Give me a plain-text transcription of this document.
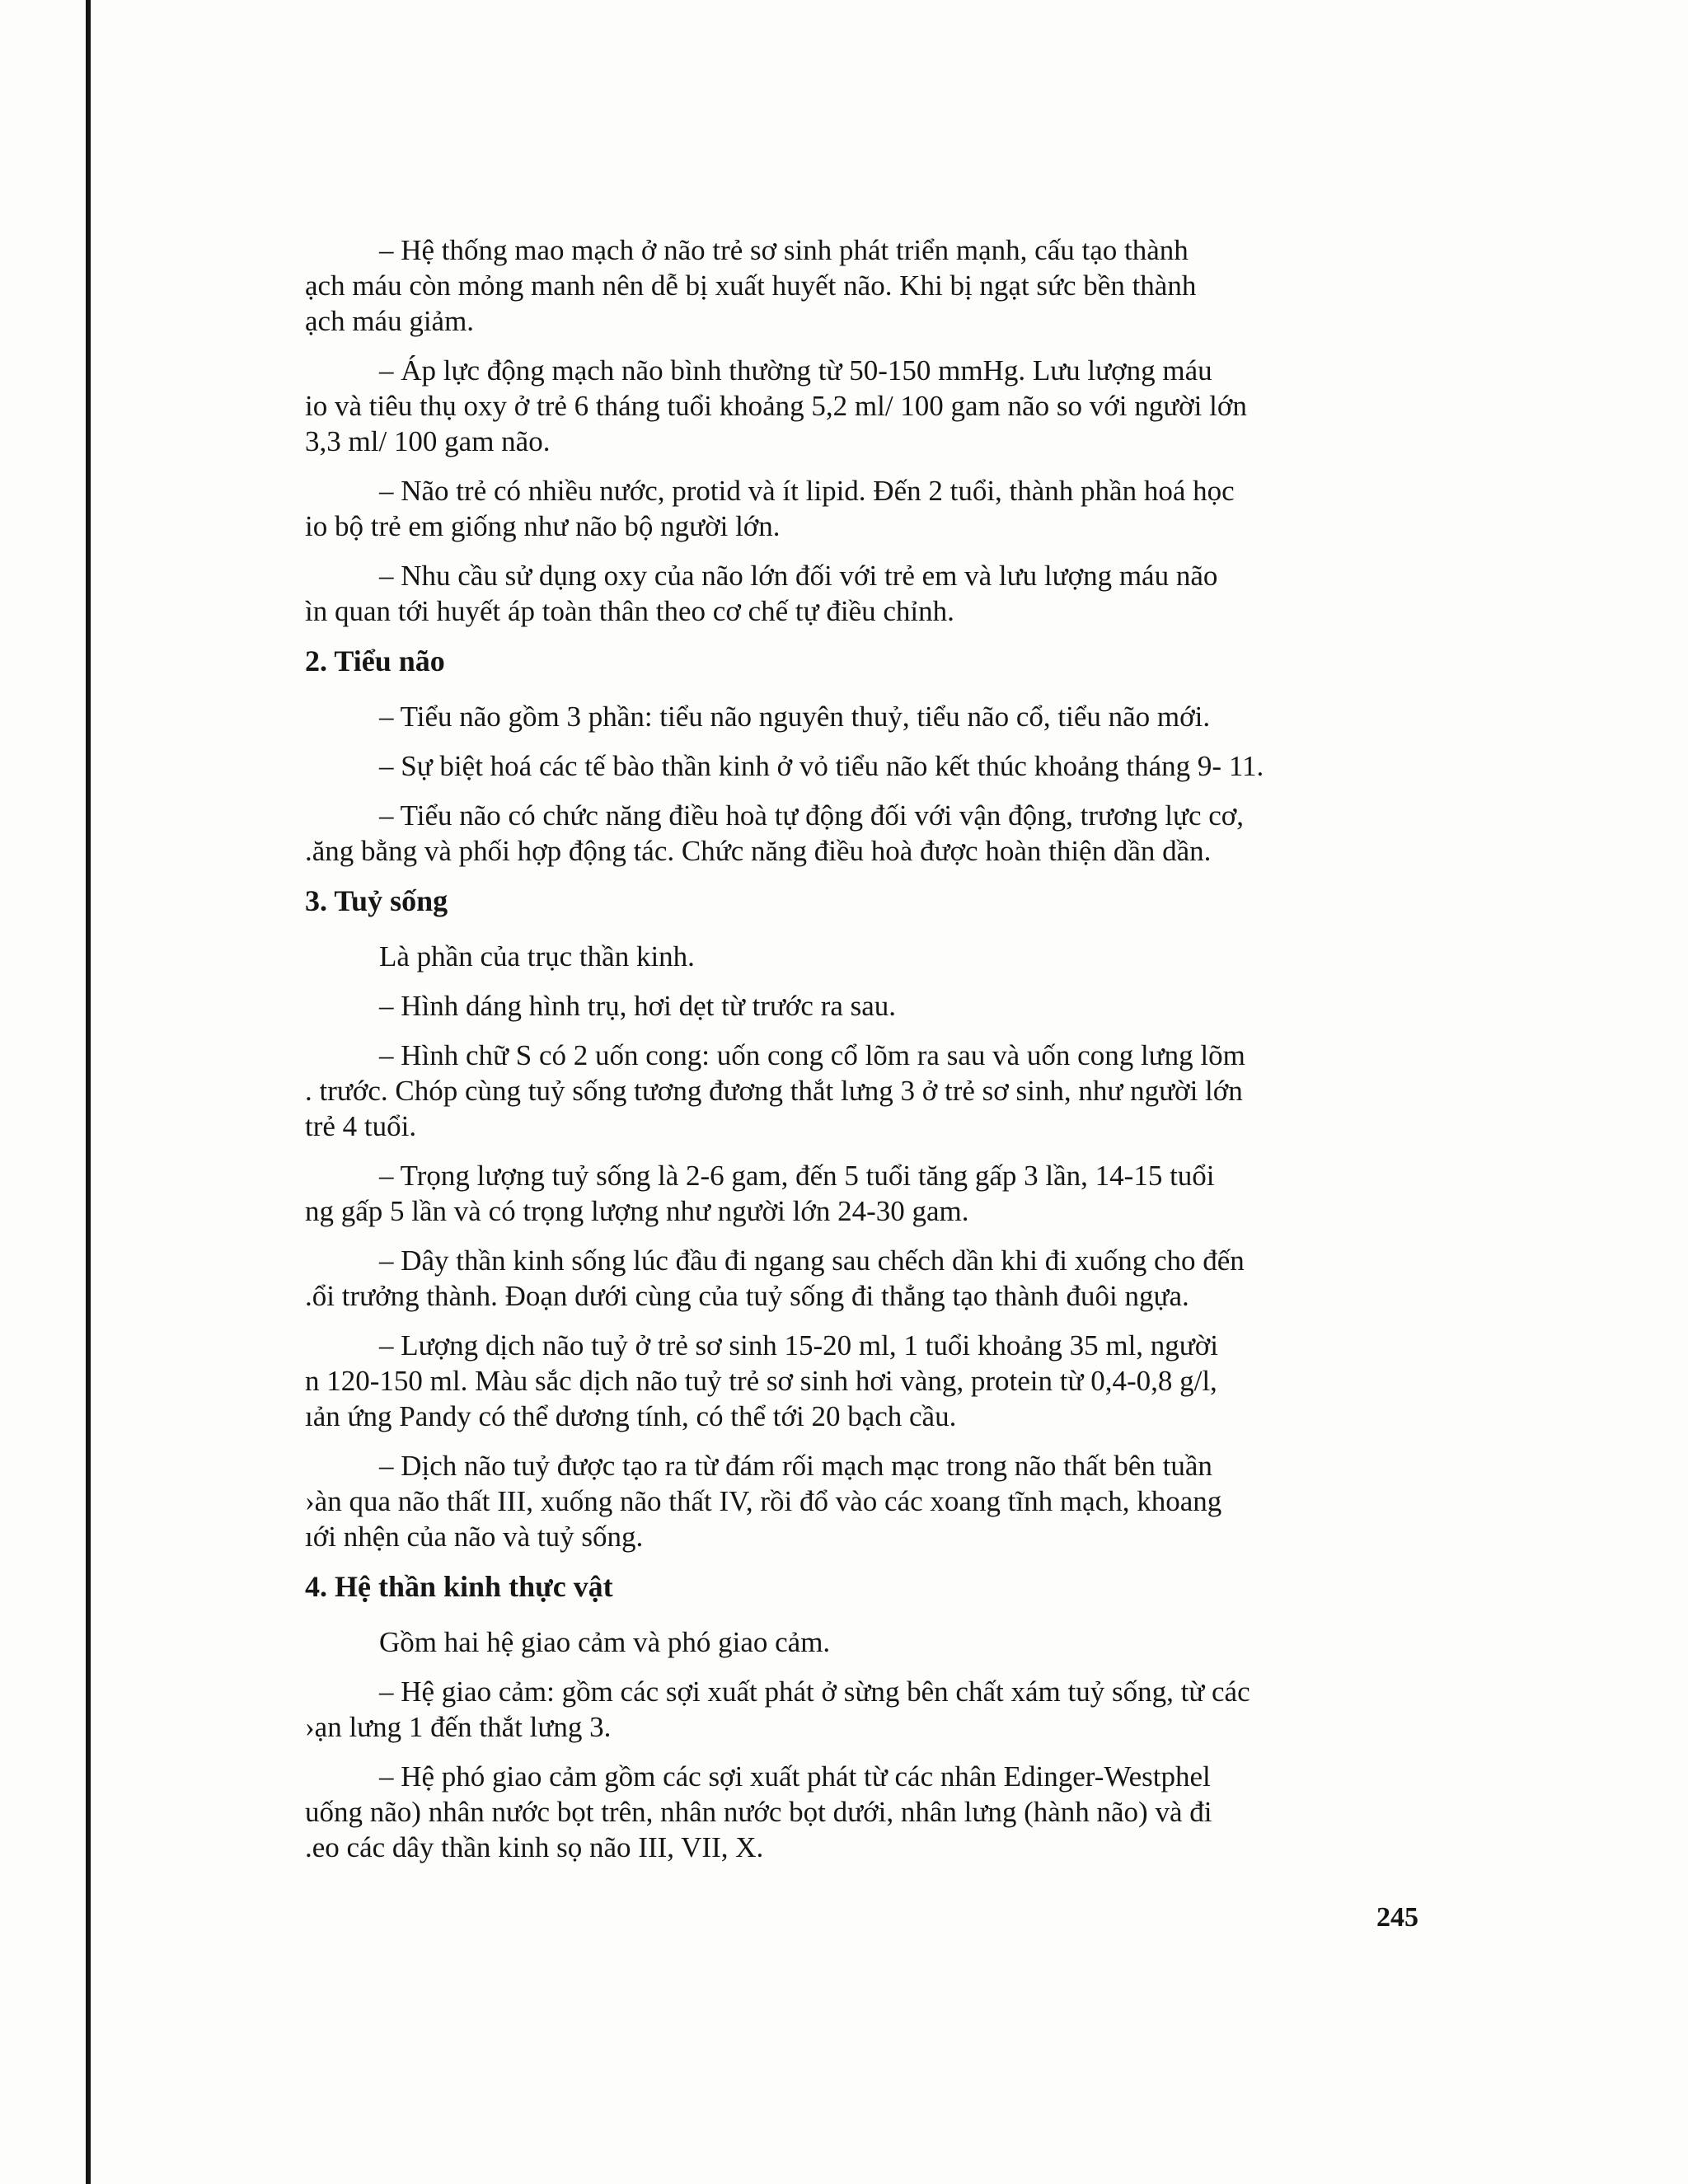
– Hệ thống mao mạch ở não trẻ sơ sinh phát triển mạnh, cấu tạo thành

ạch máu còn mỏng manh nên dễ bị xuất huyết não. Khi bị ngạt sức bền thành

ạch máu giảm.

– Áp lực động mạch não bình thường từ 50-150 mmHg. Lưu lượng máu

io và tiêu thụ oxy ở trẻ 6 tháng tuổi khoảng 5,2 ml/ 100 gam não so với người lớn

3,3 ml/ 100 gam não.

– Não trẻ có nhiều nước, protid và ít lipid. Đến 2 tuổi, thành phần hoá học

io bộ trẻ em giống như não bộ người lớn.

– Nhu cầu sử dụng oxy của não lớn đối với trẻ em và lưu lượng máu não

ìn quan tới huyết áp toàn thân theo cơ chế tự điều chỉnh.

2. Tiểu não

– Tiểu não gồm 3 phần: tiểu não nguyên thuỷ, tiểu não cổ, tiểu não mới.

– Sự biệt hoá các tế bào thần kinh ở vỏ tiểu não kết thúc khoảng tháng 9- 11.

– Tiểu não có chức năng điều hoà tự động đối với vận động, trương lực cơ,

.ăng bằng và phối hợp động tác. Chức năng điều hoà được hoàn thiện dần dần.

3. Tuỷ sống

Là phần của trục thần kinh.

– Hình dáng hình trụ, hơi dẹt từ trước ra sau.

– Hình chữ S có 2 uốn cong: uốn cong cổ lõm ra sau và uốn cong lưng lõm

. trước. Chóp cùng tuỷ sống tương đương thắt lưng 3 ở trẻ sơ sinh, như người lớn

trẻ 4 tuổi.

– Trọng lượng tuỷ sống là 2-6 gam, đến 5 tuổi tăng gấp 3 lần, 14-15 tuổi

ng gấp 5 lần và có trọng lượng như người lớn 24-30 gam.

– Dây thần kinh sống lúc đầu đi ngang sau chếch dần khi đi xuống cho đến

.ổi trưởng thành. Đoạn dưới cùng của tuỷ sống đi thẳng tạo thành đuôi ngựa.

– Lượng dịch não tuỷ ở trẻ sơ sinh 15-20 ml, 1 tuổi khoảng 35 ml, người

n 120-150 ml. Màu sắc dịch não tuỷ trẻ sơ sinh hơi vàng, protein từ 0,4-0,8 g/l,

ıản ứng Pandy có thể dương tính, có thể tới 20 bạch cầu.

– Dịch não tuỷ được tạo ra từ đám rối mạch mạc trong não thất bên tuần

›àn qua não thất III, xuống não thất IV, rồi đổ vào các xoang tĩnh mạch, khoang

ıới nhện của não và tuỷ sống.

4. Hệ thần kinh thực vật

Gồm hai hệ giao cảm và phó giao cảm.

– Hệ giao cảm: gồm các sợi xuất phát ở sừng bên chất xám tuỷ sống, từ các

›ạn lưng 1 đến thắt lưng 3.

– Hệ phó giao cảm gồm các sợi xuất phát từ các nhân Edinger-Westphel

uống não) nhân nước bọt trên, nhân nước bọt dưới, nhân lưng (hành não) và đi

.eo các dây thần kinh sọ não III, VII, X.

245
